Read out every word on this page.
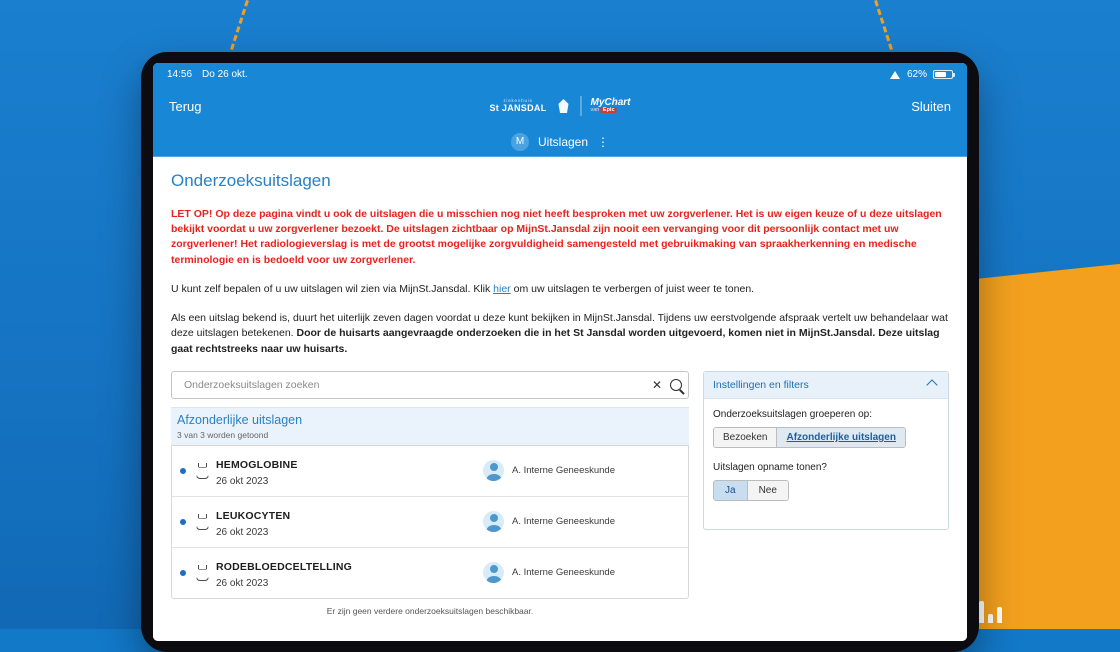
14:56 Do 26 okt.	62%
Terug	ziekenhuis
St JANSDAL	MyChart
van Epic	Sluiten
M	Uitslagen ⋮
Onderzoeksuitslagen
LET OP! Op deze pagina vindt u ook de uitslagen die u misschien nog niet heeft besproken met uw zorgverlener. Het is uw eigen keuze of u deze uitslagen bekijkt voordat u uw zorgverlener bezoekt. De uitslagen zichtbaar op MijnSt.Jansdal zijn nooit een vervanging voor dit persoonlijk contact met uw zorgverlener! Het radiologieverslag is met de grootst mogelijke zorgvuldigheid samengesteld met gebruikmaking van spraakherkenning en medische terminologie en is bedoeld voor uw zorgverlener.
U kunt zelf bepalen of u uw uitslagen wil zien via MijnSt.Jansdal. Klik hier om uw uitslagen te verbergen of juist weer te tonen.
Als een uitslag bekend is, duurt het uiterlijk zeven dagen voordat u deze kunt bekijken in MijnSt.Jansdal. Tijdens uw eerstvolgende afspraak vertelt uw behandelaar wat deze uitslagen betekenen. Door de huisarts aangevraagde onderzoeken die in het St Jansdal worden uitgevoerd, komen niet in MijnSt.Jansdal. Deze uitslag gaat rechtstreeks naar uw huisarts.
Onderzoeksuitslagen zoeken
✕
Afzonderlijke uitslagen
3 van 3 worden getoond
HEMOGLOBINE
26 okt 2023
A. Interne Geneeskunde
LEUKOCYTEN
26 okt 2023
A. Interne Geneeskunde
RODEBLOEDCELTELLING
26 okt 2023
A. Interne Geneeskunde
Er zijn geen verdere onderzoeksuitslagen beschikbaar.
Instellingen en filters
Onderzoeksuitslagen groeperen op:
Bezoeken	Afzonderlijke uitslagen
Uitslagen opname tonen?
Ja	Nee
